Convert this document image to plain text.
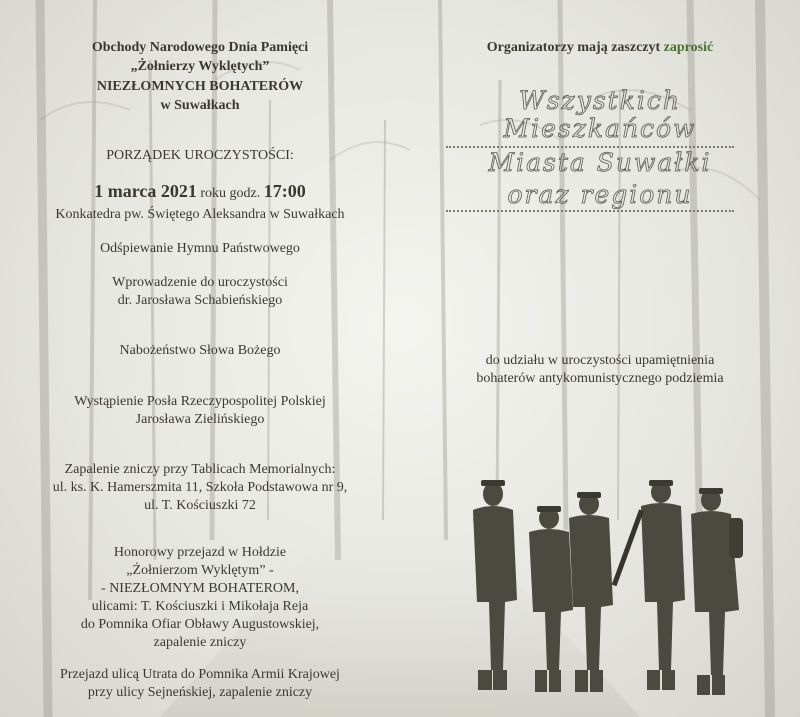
Obchody Narodowego Dnia Pamięci
„Żołnierzy Wyklętych”
NIEZŁOMNYCH BOHATERÓW
w Suwałkach
PORZĄDEK UROCZYSTOŚCI:
1 marca 2021 roku godz. 17:00
Konkatedra pw. Świętego Aleksandra w Suwałkach
Odśpiewanie Hymnu Państwowego
Wprowadzenie do uroczystości
dr. Jarosława Schabieńskiego
Nabożeństwo Słowa Bożego
Wystąpienie Posła Rzeczypospolitej Polskiej
Jarosława Zielińskiego
Zapalenie zniczy przy Tablicach Memorialnych:
ul. ks. K. Hamerszmita 11, Szkoła Podstawowa nr 9,
ul. T. Kościuszki 72
Honorowy przejazd w Hołdzie
„Żołnierzom Wyklętym” -
- NIEZŁOMNYM BOHATEROM,
ulicami: T. Kościuszki i Mikołaja Reja
do Pomnika Ofiar Obławy Augustowskiej,
zapalenie zniczy
Przejazd ulicą Utrata do Pomnika Armii Krajowej
przy ulicy Sejneńskiej, zapalenie zniczy
Organizatorzy mają zaszczyt zaprosić
Wszystkich
Mieszkańców
Miasta Suwałki
oraz regionu
do udziału w uroczystości upamiętnienia
bohaterów antykomunistycznego podziemia
